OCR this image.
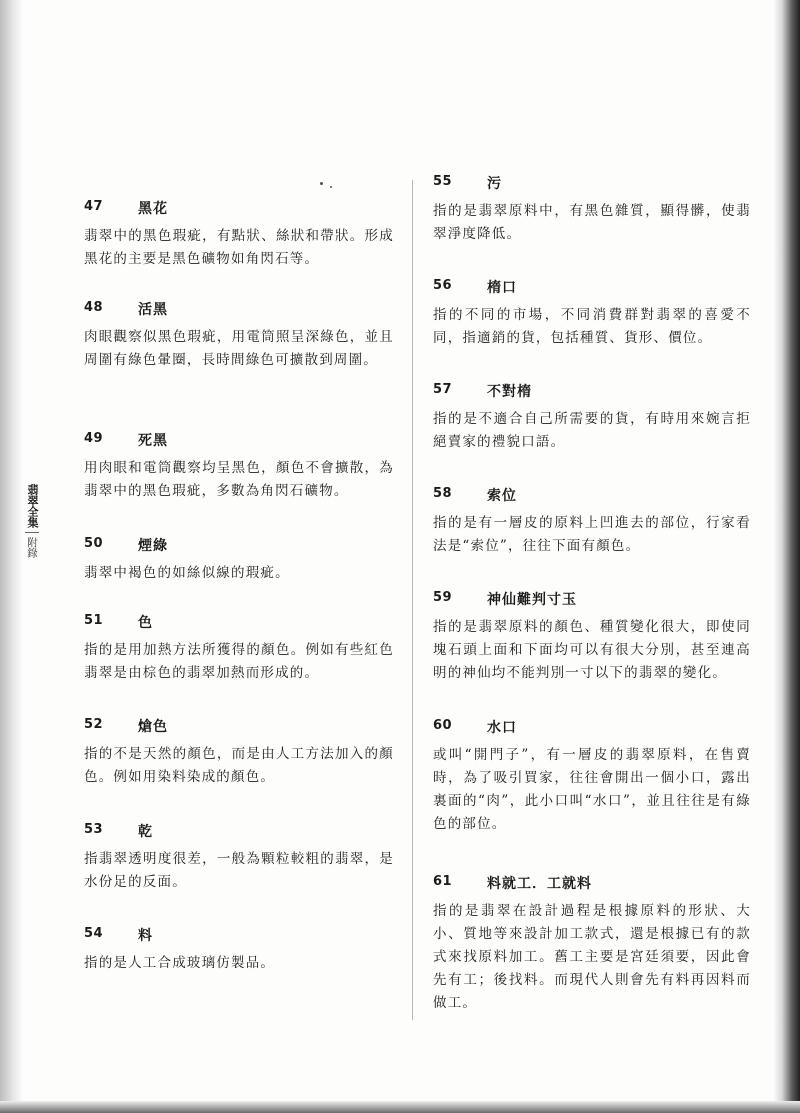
翡翠全集
附錄
47 黑花
翡翠中的黑色瑕疵，有點狀、絲狀和帶狀。形成黑花的主要是黑色礦物如角閃石等。
48 活黑
肉眼觀察似黑色瑕疵，用電筒照呈深綠色，並且周圍有綠色暈圈，長時間綠色可擴散到周圍。
49 死黑
用肉眼和電筒觀察均呈黑色，顏色不會擴散，為翡翠中的黑色瑕疵，多數為角閃石礦物。
50 煙綠
翡翠中褐色的如絲似線的瑕疵。
51 色
指的是用加熱方法所獲得的顏色。例如有些紅色翡翠是由棕色的翡翠加熱而形成的。
52 熗色
指的不是天然的顏色，而是由人工方法加入的顏色。例如用染料染成的顏色。
53 乾
指翡翠透明度很差，一般為顆粒較粗的翡翠，是水份足的反面。
54 料
指的是人工合成玻璃仿製品。
55 污
指的是翡翠原料中，有黑色雜質，顯得髒，使翡翠淨度降低。
56 楕口
指的不同的市場，不同消費群對翡翠的喜愛不同，指適銷的貨，包括種質、貨形、價位。
57 不對楕
指的是不適合自己所需要的貨，有時用來婉言拒絕賣家的禮貌口語。
58 索位
指的是有一層皮的原料上凹進去的部位，行家看法是“索位”，往往下面有顏色。
59 神仙難判寸玉
指的是翡翠原料的顏色、種質變化很大，即使同塊石頭上面和下面均可以有很大分別，甚至連高明的神仙均不能判別一寸以下的翡翠的變化。
60 水口
或叫“開門子”，有一層皮的翡翠原料，在售賣時，為了吸引買家，往往會開出一個小口，露出裏面的“肉”，此小口叫“水口”，並且往往是有綠色的部位。
61 料就工．工就料
指的是翡翠在設計過程是根據原料的形狀、大小、質地等來設計加工款式，還是根據已有的款式來找原料加工。舊工主要是宮廷須要，因此會先有工；後找料。而現代人則會先有料再因料而做工。
